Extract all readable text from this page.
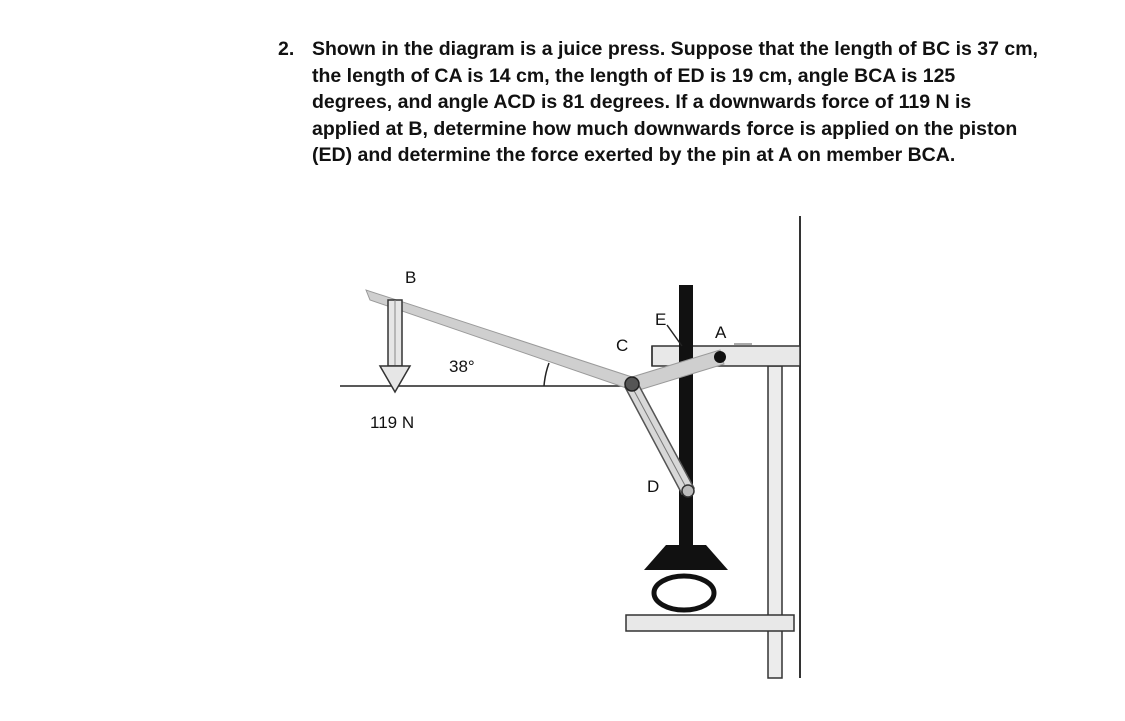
2. Shown in the diagram is a juice press. Suppose that the length of BC is 37 cm,
the length of CA is 14 cm, the length of ED is 19 cm, angle BCA is 125
degrees, and angle ACD is 81 degrees. If a downwards force of 119 N is
applied at B, determine how much downwards force is applied on the piston
(ED) and determine the force exerted by the pin at A on member BCA.
B
C
E
A
D
38°
119 N
